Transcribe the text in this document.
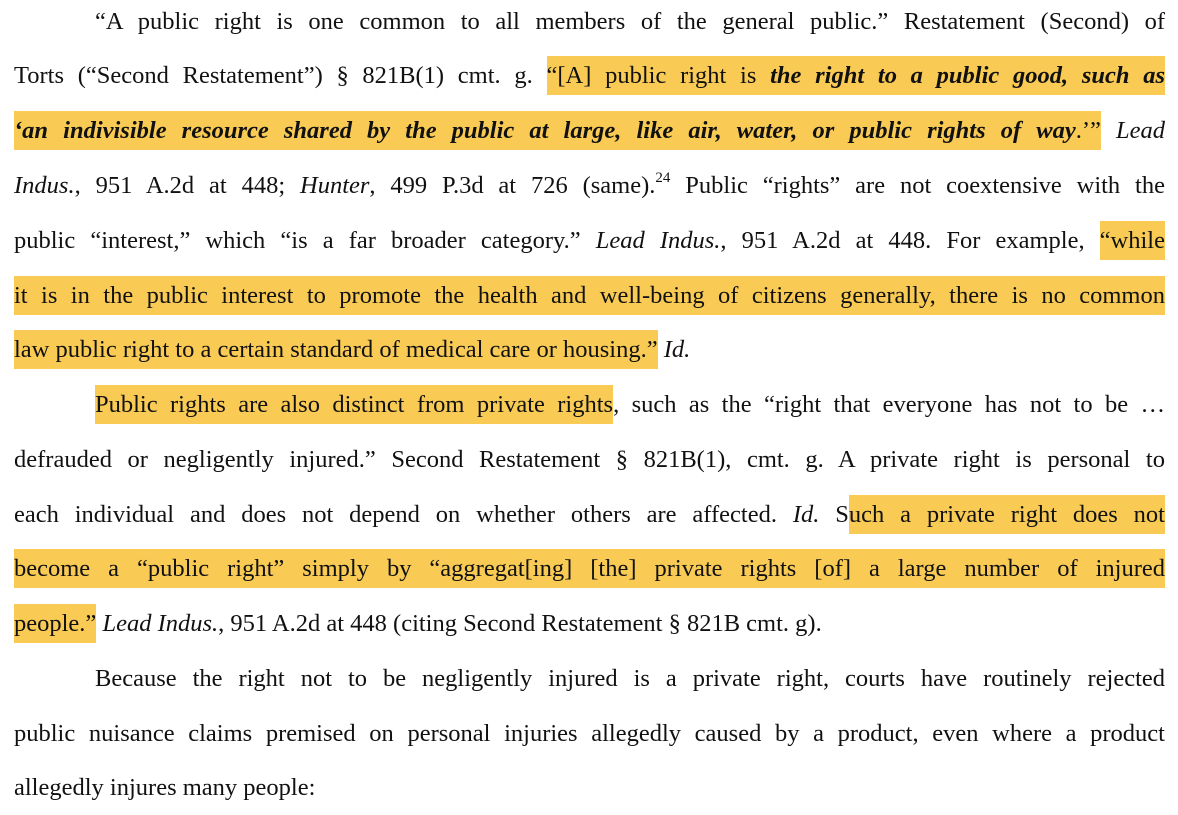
“A public right is one common to all members of the general public.” Restatement (Second) of
Torts (“Second Restatement”) § 821B(1) cmt. g. “[A] public right is the right to a public good, such as
‘an indivisible resource shared by the public at large, like air, water, or public rights of way.’” Lead
Indus., 951 A.2d at 448; Hunter, 499 P.3d at 726 (same).$^{24}$ Public “rights” are not coextensive with the
public “interest,” which “is a far broader category.” Lead Indus., 951 A.2d at 448. For example, “while
it is in the public interest to promote the health and well-being of citizens generally, there is no common
law public right to a certain standard of medical care or housing.” Id.
Public rights are also distinct from private rights, such as the “right that everyone has not to be …
defrauded or negligently injured.” Second Restatement § 821B(1), cmt. g. A private right is personal to
each individual and does not depend on whether others are affected. Id. Such a private right does not
become a “public right” simply by “aggregat[ing] [the] private rights [of] a large number of injured
people.” Lead Indus., 951 A.2d at 448 (citing Second Restatement § 821B cmt. g).
Because the right not to be negligently injured is a private right, courts have routinely rejected
public nuisance claims premised on personal injuries allegedly caused by a product, even where a product
allegedly injures many people:
